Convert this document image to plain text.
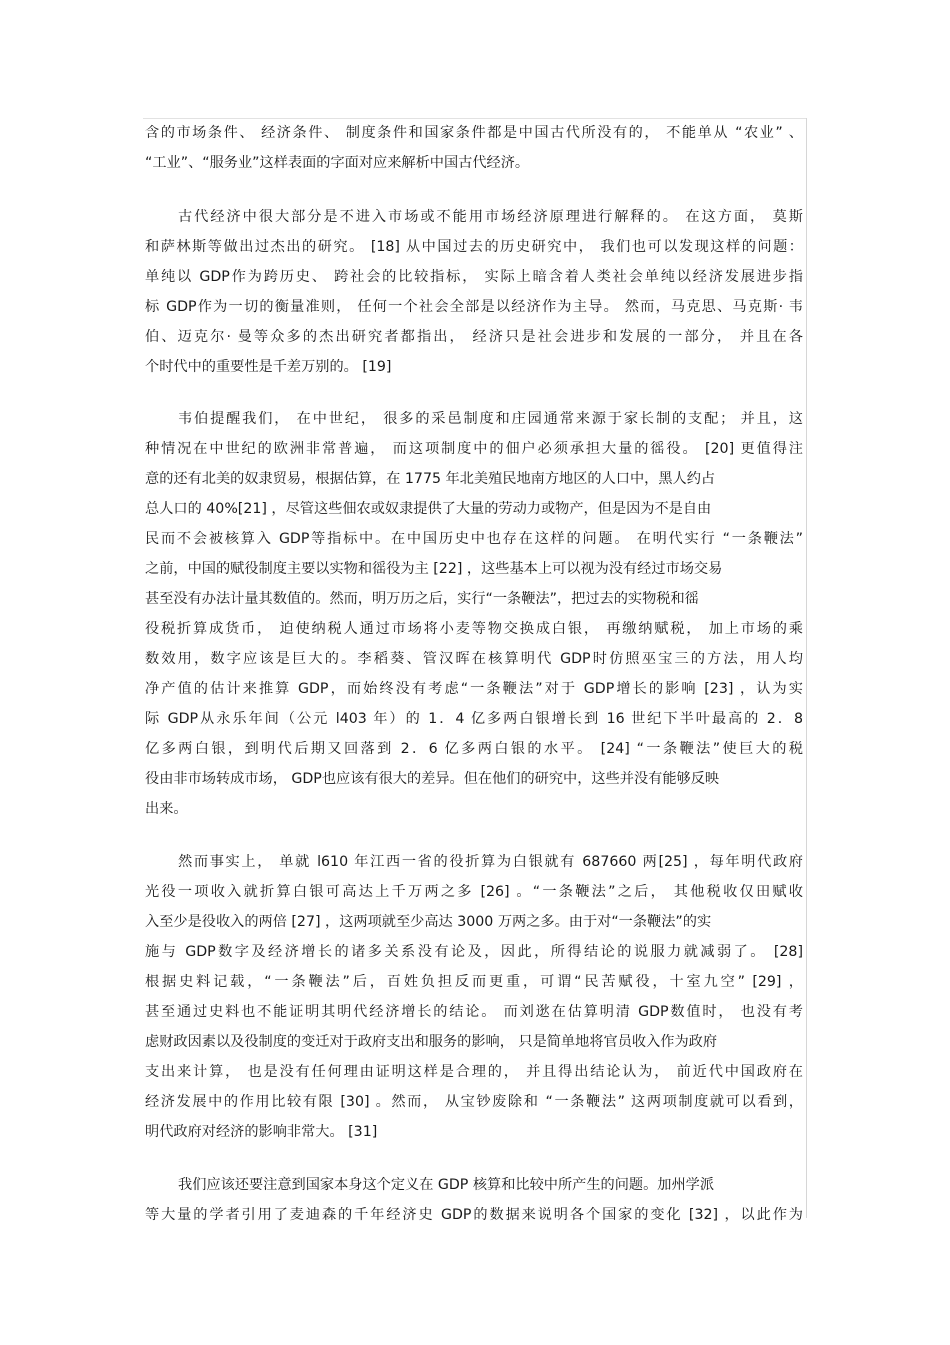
含的市场条件、 经济条件、 制度条件和国家条件都是中国古代所没有的， 不能单从 “农业” 、
“工业”、“服务业”这样表面的字面对应来解析中国古代经济。
古代经济中很大部分是不进入市场或不能用市场经济原理进行解释的。 在这方面， 莫斯
和萨林斯等做出过杰出的研究。 [18] 从中国过去的历史研究中， 我们也可以发现这样的问题：
单纯以 GDP作为跨历史、 跨社会的比较指标， 实际上暗含着人类社会单纯以经济发展进步指
标 GDP作为一切的衡量准则， 任何一个社会全部是以经济作为主导。 然而，马克思、马克斯· 韦
伯、迈克尔· 曼等众多的杰出研究者都指出， 经济只是社会进步和发展的一部分， 并且在各
个时代中的重要性是千差万别的。 [19]
韦伯提醒我们， 在中世纪， 很多的采邑制度和庄园通常来源于家长制的支配； 并且，这
种情况在中世纪的欧洲非常普遍， 而这项制度中的佃户必须承担大量的徭役。 [20] 更值得注
意的还有北美的奴隶贸易，根据估算，在 1775 年北美殖民地南方地区的人口中，黑人约占
总人口的 40%[21] ，尽管这些佃农或奴隶提供了大量的劳动力或物产，但是因为不是自由
民而不会被核算入 GDP等指标中。在中国历史中也存在这样的问题。 在明代实行 “一条鞭法”
之前，中国的赋役制度主要以实物和徭役为主 [22] ，这些基本上可以视为没有经过市场交易
甚至没有办法计量其数值的。然而，明万历之后，实行“一条鞭法”，把过去的实物税和徭
役税折算成货币， 迫使纳税人通过市场将小麦等物交换成白银， 再缴纳赋税， 加上市场的乘
数效用，数字应该是巨大的。李稻葵、管汉晖在核算明代 GDP时仿照巫宝三的方法，用人均
净产值的估计来推算 GDP，而始终没有考虑“一条鞭法”对于 GDP增长的影响 [23] ，认为实
际 GDP从永乐年间（公元 l403 年）的 1．4 亿多两白银增长到 16 世纪下半叶最高的 2．8
亿多两白银，到明代后期又回落到 2．6 亿多两白银的水平。 [24] “一条鞭法”使巨大的税
役由非市场转成市场， GDP也应该有很大的差异。但在他们的研究中，这些并没有能够反映
出来。
然而事实上， 单就 l610 年江西一省的役折算为白银就有 687660 两[25] ，每年明代政府
光役一项收入就折算白银可高达上千万两之多 [26] 。“一条鞭法”之后， 其他税收仅田赋收
入至少是役收入的两倍 [27] ，这两项就至少高达 3000 万两之多。由于对“一条鞭法”的实
施与 GDP数字及经济增长的诸多关系没有论及，因此，所得结论的说服力就减弱了。 [28]
根据史料记载，“一条鞭法”后，百姓负担反而更重，可谓“民苦赋役，十室九空” [29] ，
甚至通过史料也不能证明其明代经济增长的结论。 而刘逖在估算明清 GDP数值时， 也没有考
虑财政因素以及役制度的变迁对于政府支出和服务的影响， 只是简单地将官员收入作为政府
支出来计算， 也是没有任何理由证明这样是合理的， 并且得出结论认为， 前近代中国政府在
经济发展中的作用比较有限 [30] 。然而， 从宝钞废除和 “一条鞭法” 这两项制度就可以看到，
明代政府对经济的影响非常大。 [31]
我们应该还要注意到国家本身这个定义在 GDP 核算和比较中所产生的问题。加州学派
等大量的学者引用了麦迪森的千年经济史 GDP的数据来说明各个国家的变化 [32] ，以此作为
